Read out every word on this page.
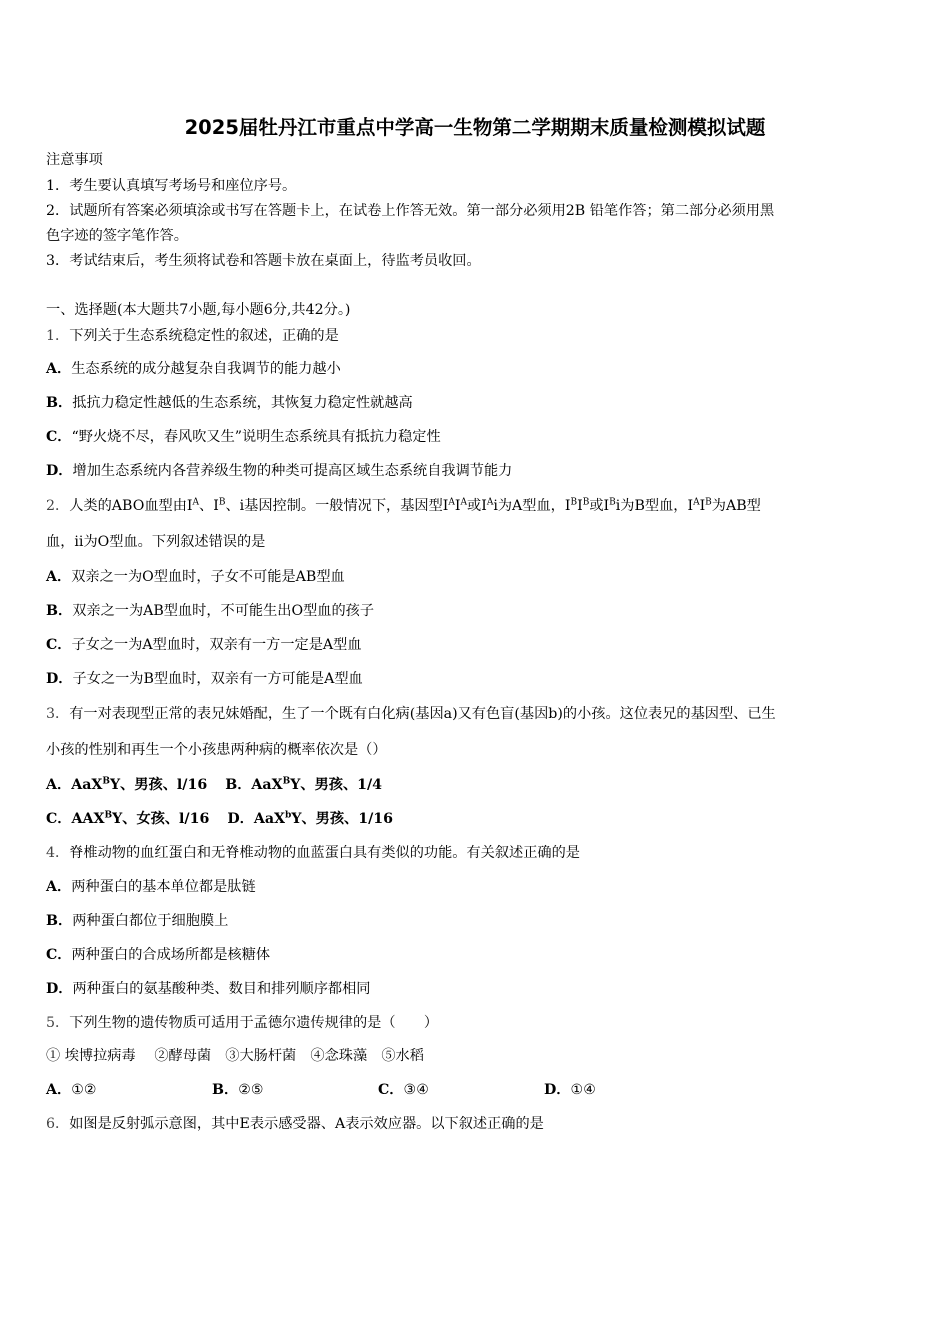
2025届牡丹江市重点中学高一生物第二学期期末质量检测模拟试题
注意事项
1．考生要认真填写考场号和座位序号。
2．试题所有答案必须填涂或书写在答题卡上，在试卷上作答无效。第一部分必须用2B 铅笔作答；第二部分必须用黑
色字迹的签字笔作答。
3．考试结束后，考生须将试卷和答题卡放在桌面上，待监考员收回。
一、选择题(本大题共7小题,每小题6分,共42分。)
1．下列关于生态系统稳定性的叙述，正确的是
A．生态系统的成分越复杂自我调节的能力越小
B．抵抗力稳定性越低的生态系统，其恢复力稳定性就越高
C．“野火烧不尽，春风吹又生”说明生态系统具有抵抗力稳定性
D．增加生态系统内各营养级生物的种类可提高区域生态系统自我调节能力
2．人类的ABO血型由$I^A$、$I^B$、i基因控制。一般情况下，基因型$I^AI^A$或$I^Ai$为A型血，$I^BI^B$或$I^Bi$为B型血，$I^AI^B$为AB型
血，ii为O型血。下列叙述错误的是
A．双亲之一为O型血时，子女不可能是AB型血
B．双亲之一为AB型血时，不可能生出O型血的孩子
C．子女之一为A型血时，双亲有一方一定是A型血
D．子女之一为B型血时，双亲有一方可能是A型血
3．有一对表现型正常的表兄妹婚配，生了一个既有白化病(基因a)又有色盲(基因b)的小孩。这位表兄的基因型、已生
小孩的性别和再生一个小孩患两种病的概率依次是（）
A．AaX$^B$Y、男孩、l/16 B．AaX$^B$Y、男孩、1/4
C．$AAX^BY$、女孩、l/16 D．AaX$^b$Y、男孩、1/16
4．脊椎动物的血红蛋白和无脊椎动物的血蓝蛋白具有类似的功能。有关叙述正确的是
A．两种蛋白的基本单位都是肽链
B．两种蛋白都位于细胞膜上
C．两种蛋白的合成场所都是核糖体
D．两种蛋白的氨基酸种类、数目和排列顺序都相同
5．下列生物的遗传物质可适用于孟德尔遗传规律的是（　　）
① 埃博拉病毒　 ②酵母菌　③大肠杆菌　④念珠藻　⑤水稻
A．①②	B．②⑤	C．③④	D．①④
6．如图是反射弧示意图，其中E表示感受器、A表示效应器。以下叙述正确的是
